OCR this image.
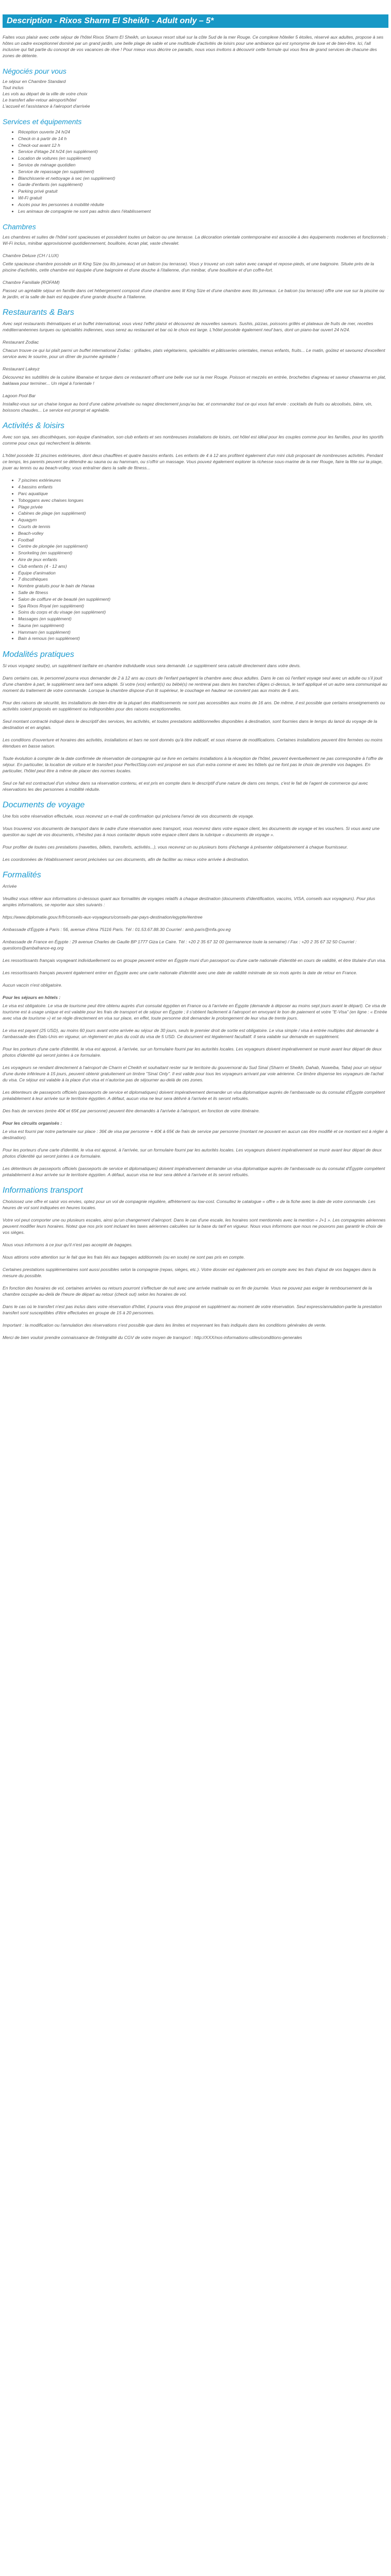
Description - Rixos Sharm El Sheikh - Adult only – 5*

Faites vous plaisir avec cette séjour de l'hôtel Rixos Sharm El Sheikh, un luxueux resort situé sur la côte Sud de la mer Rouge. Ce complexe hôtelier 5 étoiles, réservé aux adultes, propose à ses hôtes un cadre exceptionnel dominé par un grand jardin, une belle plage de sable et une multitude d'activités de loisirs pour une ambiance qui est synonyme de luxe et de bien-être. Ici, l'all inclusive qui fait partie du concept de vos vacances de rêve ! Pour mieux vous décrire ce paradis, nous vous invitons à découvrir cette formule qui vous fera de grand services de chacune des zones de détente.

Négociés pour vous
Le séjour en Chambre Standard
Tout inclus
Les vols au départ de la ville de votre choix
Le transfert aller-retour aéroport/hôtel
L'accueil et l'assistance à l'aéroport d'arrivée
Services et équipements
• Réception ouverte 24 h/24
• Check-in à partir de 14 h
• Check-out avant 12 h
• Service d'étage 24 h/24 (en supplément)
• Location de voitures (en supplément)
• Service de ménage quotidien
• Service de repassage (en supplément)
• Blanchisserie et nettoyage à sec (en supplément)
• Garde d'enfants (en supplément)
• Parking privé gratuit
• Wi-Fi gratuit
• Accès pour les personnes à mobilité réduite
• Les animaux de compagnie ne sont pas admis dans l'établissement
Chambres

Les chambres et suites de l'hôtel sont spacieuses et possèdent toutes un balcon ou une terrasse. La décoration orientale contemporaine est associée à des équipements modernes et fonctionnels : Wi-Fi inclus, minibar approvisionné quotidiennement, bouilloire, écran plat, vaste chevalet.

Chambre Deluxe (CH / LUX)

Cette spacieuse chambre possède un lit King Size (ou lits jumeaux) et un balcon (ou terrasse). Vous y trouvez un coin salon avec canapé et repose-pieds, et une baignoire. Située près de la piscine d'activités, cette chambre est équipée d'une baignoire et d'une douche à l'italienne, d'un minibar, d'une bouilloire et d'un coffre-fort.

Chambre Familiale (ROFAM)

Passez un agréable séjour en famille dans cet hébergement composé d'une chambre avec lit King Size et d'une chambre avec lits jumeaux. Le balcon (ou terrasse) offre une vue sur la piscine ou le jardin, et la salle de bain est équipée d'une grande douche à l'italienne.

Restaurants & Bars

Avec sept restaurants thématiques et un buffet international, vous vivez l'effet plaisir et découvrez de nouvelles saveurs. Sushis, pizzas, poissons grillés et plateaux de fruits de mer, recettes méditerranéennes turques ou spécialités indiennes, vous serez au restaurant et bar où le choix est large. L'hôtel possède également neuf bars, dont un piano-bar ouvert 24 h/24.

Restaurant Zodiac

Chacun trouve ce qui lui plaît parmi un buffet international Zodiac : grillades, plats végétariens, spécialités et pâtisseries orientales, menus enfants, fruits... Le matin, goûtez et savourez d'excellent service avec le sourire, pour un dîner de journée agréable !

Restaurant Lakeyz

Découvrez les subtilités de la cuisine libanaise et turque dans ce restaurant offrant une belle vue sur la mer Rouge. Poisson et mezzés en entrée, brochettes d'agneau et saveur chawarma en plat, baklawa pour terminer... Un régal à l'orientale !

Lagoon Pool Bar

Installez-vous sur un chaise longue au bord d'une cabine privatisée ou nagez directement jusqu'au bar, et commandez tout ce qui vous fait envie : cocktails de fruits ou alcoolisés, bière, vin, boissons chaudes... Le service est prompt et agréable.

Activités & loisirs

Avec son spa, ses discothèques, son équipe d'animation, son club enfants et ses nombreuses installations de loisirs, cet hôtel est idéal pour les couples comme pour les familles, pour les sportifs comme pour ceux qui recherchent la détente.

L'hôtel possède 31 piscines extérieures, dont deux chauffées et quatre bassins enfants. Les enfants de 4 à 12 ans profitent également d'un mini club proposant de nombreuses activités. Pendant ce temps, les parents peuvent se détendre au sauna ou au hammam, ou s'offrir un massage. Vous pouvez également explorer la richesse sous-marine de la mer Rouge, faire la fête sur la plage, jouer au tennis ou au beach-volley, vous entraîner dans la salle de fitness...

• 7 piscines extérieures
• 4 bassins enfants
• Parc aquatique
• Toboggans avec chaises longues
• Plage privée
• Cabines de plage (en supplément)
• Aquagym
• Courts de tennis
• Beach-volley
• Football
• Centre de plongée (en supplément)
• Snorkeling (en supplément)
• Aire de jeux enfants
• Club enfants (4 - 12 ans)
• Équipe d'animation
• 7 discothèques
• Nombre gratuits pour le bain de Hanaa
• Salle de fitness
• Salon de coiffure et de beauté (en supplément)
• Spa Rixos Royal (en supplément)
• Soins du corps et du visage (en supplément)
• Massages (en supplément)
• Sauna (en supplément)
• Hammam (en supplément)
• Bain à remous (en supplément)
Modalités pratiques

Si vous voyagez seul(e), un supplément tarifaire en chambre individuelle vous sera demandé. Le supplément sera calculé directement dans votre devis.

Dans certains cas, le personnel pourra vous demander de 2 à 12 ans au cours de l'enfant partagent la chambre avec deux adultes. Dans le cas où l'enfant voyage seul avec un adulte ou s'il jouit d'une chambre à part, le supplément sera tarif sera adapté. Si votre (vos) enfant(s) ou bébé(s) ne rentrerai pas dans les tranches d'âges ci-dessus, le tarif appliqué et un autre sera communiqué au moment du traitement de votre commande. Lorsque la chambre dispose d'un lit supérieur, le couchage en hauteur ne convient pas aux moins de 6 ans.

Pour des raisons de sécurité, les installations de bien-être de la plupart des établissements ne sont pas accessibles aux moins de 16 ans. De même, il est possible que certains enseignements ou activités soient proposés en supplément ou indisponibles pour des raisons exceptionnelles.

Seul montant contracté indiqué dans le descriptif des services, les activités, et toutes prestations additionnelles disponibles à destination, sont fournies dans le temps du lancé du voyage de la destination et en anglais.

Les conditions d'ouverture et horaires des activités, installations et bars ne sont donnés qu'à titre indicatif, et sous réserve de modifications. Certaines installations peuvent être fermées ou moins étendues en basse saison.

Toute évolution à compter de la date confirmée de réservation de compagnie qui se livre en certains installations à la réception de l'hôtel, peuvent éventuellement ne pas correspondre à l'offre de séjour. En particulier, la location de voiture et le transfert pour PerfectStay.com est proposé en sus d'un extra comme et avec les hôtels qui ne font pas le choix de prendre vos bagages. En particulier, l'hôtel peut être à même de placer des normes locales.

Seul ce fait est contractuel d'un visiteur dans sa réservation contenu, et est pris en compte dans le descriptif d'une nature de dans ces temps, c'est le fait de l'agent de commerce qui avec réservations les des personnes à mobilité réduite.

Documents de voyage

Une fois votre réservation effectuée, vous recevrez un e-mail de confirmation qui précisera l'envoi de vos documents de voyage.

Vous trouverez vos documents de transport dans le cadre d'une réservation avec transport, vous recevrez dans votre espace client, les documents de voyage et les vouchers. Si vous avez une question au sujet de vos documents, n'hésitez pas à nous contacter depuis votre espace client dans la rubrique « documents de voyage ».

Pour profiter de toutes ces prestations (navettes, billets, transferts, activités...), vous recevrez un ou plusieurs bons d'échange à présenter obligatoirement à chaque fournisseur.

Les coordonnées de l'établissement seront précisées sur ces documents, afin de faciliter au mieux votre arrivée à destination.

Formalités

Arrivée

Veuillez vous référer aux informations ci-dessous quant aux formalités de voyages relatifs à chaque destination (documents d'identification, vaccins, VISA, conseils aux voyageurs). Pour plus amples informations, se reporter aux sites suivants :

https://www.diplomatie.gouv.fr/fr/conseils-aux-voyageurs/conseils-par-pays-destination/egypte/#entree

Ambassade d'Égypte à Paris : 56, avenue d'Iéna 75116 Paris. Tél : 01.53.67.88.30 Courriel : amb.paris@mfa.gov.eg

Ambassade de France en Égypte : 29 avenue Charles de Gaulle BP 1777 Giza Le Caire. Tél : +20 2 35 67 32 00 (permanence toute la semaine) / Fax : +20 2 35 67 32 50 Courriel : questions@ambafrance-eg.org

Les ressortissants français voyageant individuellement ou en groupe peuvent entrer en Égypte muni d'un passeport ou d'une carte nationale d'identité en cours de validité, et être titulaire d'un visa.

Les ressortissants français peuvent également entrer en Égypte avec une carte nationale d'identité avec une date de validité minimale de six mois après la date de retour en France.

Aucun vaccin n'est obligatoire.

Pour les séjours en hôtels :

Le visa est obligatoire. Le visa de tourisme peut être obtenu auprès d'un consulat égyptien en France ou à l'arrivée en Égypte (demande à déposer au moins sept jours avant le départ). Ce visa de tourisme est à usage unique et est valable pour les frais de transport et de séjour en Égypte ; il s'obtient facilement à l'aéroport en envoyant le bon de paiement et votre "E-Visa" (en ligne : « Entrée avec visa de tourisme ») et se règle directement en visa sur place, en effet, toute personne doit demander le prolongement de leur visa de trente jours.

Le visa est payant (25 USD), au moins 60 jours avant votre arrivée au séjour de 30 jours, seuls le premier droit de sortie est obligatoire. Le visa simple / visa à entrée multiples doit demander à l'ambassade des États-Unis en vigueur, un règlement en plus du coût du visa de 5 USD. Ce document est légalement facultatif. Il sera valable sur demande en supplément.

Pour les porteurs d'une carte d'identité, le visa est apposé, à l'arrivée, sur un formulaire fourni par les autorités locales. Les voyageurs doivent impérativement se munir avant leur départ de deux photos d'identité qui seront jointes à ce formulaire.

Les voyageurs se rendant directement à l'aéroport de Charm el Cheikh et souhaitant rester sur le territoire du gouvernorat du Sud Sinaï (Sharm el Sheikh, Dahab, Nuweiba, Taba) pour un séjour d'une durée inférieure à 15 jours, peuvent obtenir gratuitement un timbre "Sinaï Only". Il est valide pour tous les voyageurs arrivant par voie aérienne. Ce timbre dispense les voyageurs de l'achat du visa. Ce séjour est valable à la place d'un visa et n'autorise pas de séjourner au-delà de ces zones.

Les détenteurs de passeports officiels (passeports de service et diplomatiques) doivent impérativement demander un visa diplomatique auprès de l'ambassade ou du consulat d'Égypte compétent préalablement à leur arrivée sur le territoire égyptien. A défaut, aucun visa ne leur sera délivré à l'arrivée et ils seront refoulés.

Des frais de services (entre 40€ et 65€ par personne) peuvent être demandés à l'arrivée à l'aéroport, en fonction de votre itinéraire.

Pour les circuits organisés :

Le visa est fourni par notre partenaire sur place : 36€ de visa par personne + 40€ à 65€ de frais de service par personne (montant ne pouvant en aucun cas être modifié et ce montant est à régler à destination).

Pour les porteurs d'une carte d'identité, le visa est apposé, à l'arrivée, sur un formulaire fourni par les autorités locales. Les voyageurs doivent impérativement se munir avant leur départ de deux photos d'identité qui seront jointes à ce formulaire.

Les détenteurs de passeports officiels (passeports de service et diplomatiques) doivent impérativement demander un visa diplomatique auprès de l'ambassade ou du consulat d'Égypte compétent préalablement à leur arrivée sur le territoire égyptien. A défaut, aucun visa ne leur sera délivré à l'arrivée et ils seront refoulés.

Informations transport

Choisissez une offre et saisir vos envies, optez pour un vol de compagnie régulière, affrètement ou low-cost. Consultez le catalogue « offre » de la fiche avec la date de votre commande. Les heures de vol sont indiquées en heures locales.

Votre vol peut comporter une ou plusieurs escales, ainsi qu'un changement d'aéroport. Dans le cas d'une escale, les horaires sont mentionnés avec la mention « J+1 ». Les compagnies aériennes peuvent modifier leurs horaires. Notez que nos prix sont incluant les taxes aériennes calculées sur la base du tarif en vigueur. Nous vous informons que nous ne pouvons pas garantir le choix de vos sièges.

Nous vous informons à ce jour qu'il n'est pas accepté de bagages.

Nous attirons votre attention sur le fait que les frais liés aux bagages additionnels (ou en soute) ne sont pas pris en compte.

Certaines prestations supplémentaires sont aussi possibles selon la compagnie (repas, sièges, etc.). Votre dossier est également pris en compte avec les frais d'ajout de vos bagages dans la mesure du possible.

En fonction des horaires de vol, certaines arrivées ou retours pourront s'effectuer de nuit avec une arrivée matinale ou en fin de journée. Vous ne pouvez pas exiger le remboursement de la chambre occupée au-delà de l'heure de départ au retour (check out) selon les horaires de vol.

Dans le cas où le transfert n'est pas inclus dans votre réservation d'hôtel, il pourra vous être proposé en supplément au moment de votre réservation. Seul express/annulation-partie la prestation transfert sont susceptibles d'être effectuées en groupe de 15 à 20 personnes.

Important : la modification ou l'annulation des réservations n'est possible que dans les limites et moyennant les frais indiqués dans les conditions générales de vente.

Merci de bien vouloir prendre connaissance de l'intégralité du CGV de votre moyen de transport : http://XXX/nos-informations-utiles/conditions-generales
